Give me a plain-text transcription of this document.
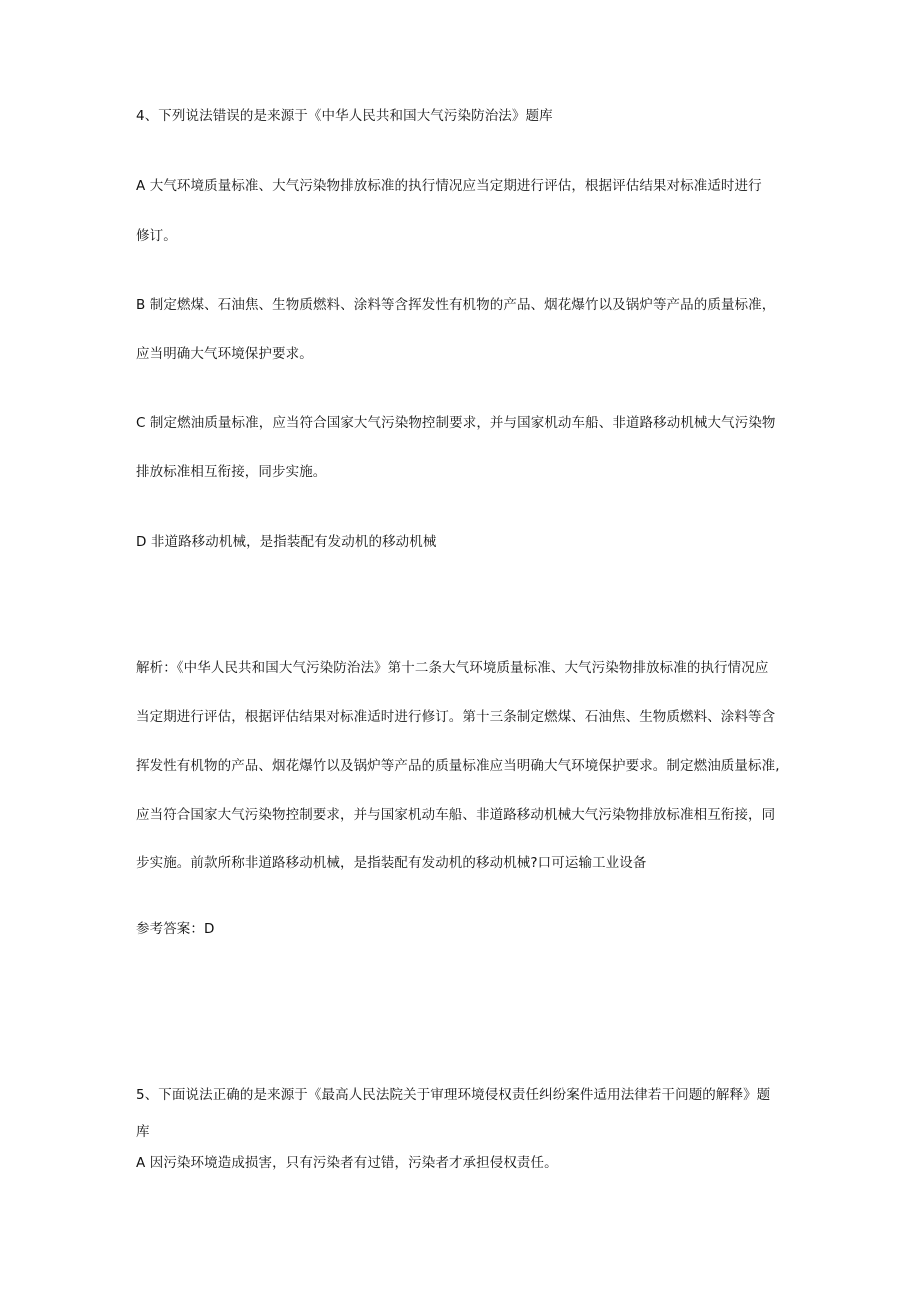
4、下列说法错误的是来源于《中华人民共和国大气污染防治法》题库
A 大气环境质量标准、大气污染物排放标准的执行情况应当定期进行评估，根据评估结果对标准适时进行
修订。
B 制定燃煤、石油焦、生物质燃料、涂料等含挥发性有机物的产品、烟花爆竹以及锅炉等产品的质量标准，
应当明确大气环境保护要求。
C 制定燃油质量标准，应当符合国家大气污染物控制要求，并与国家机动车船、非道路移动机械大气污染物
排放标准相互衔接，同步实施。
D 非道路移动机械，是指装配有发动机的移动机械
解析：《中华人民共和国大气污染防治法》第十二条大气环境质量标准、大气污染物排放标准的执行情况应
当定期进行评估，根据评估结果对标准适时进行修订。第十三条制定燃煤、石油焦、生物质燃料、涂料等含
挥发性有机物的产品、烟花爆竹以及锅炉等产品的质量标准应当明确大气环境保护要求。制定燃油质量标准,
应当符合国家大气污染物控制要求，并与国家机动车船、非道路移动机械大气污染物排放标准相互衔接，同
步实施。前款所称非道路移动机械，是指装配有发动机的移动机械?口可运输工业设备
参考答案：D
5、下面说法正确的是来源于《最高人民法院关于审理环境侵权责任纠纷案件适用法律若干问题的解释》题
库
A 因污染环境造成损害，只有污染者有过错，污染者才承担侵权责任。
